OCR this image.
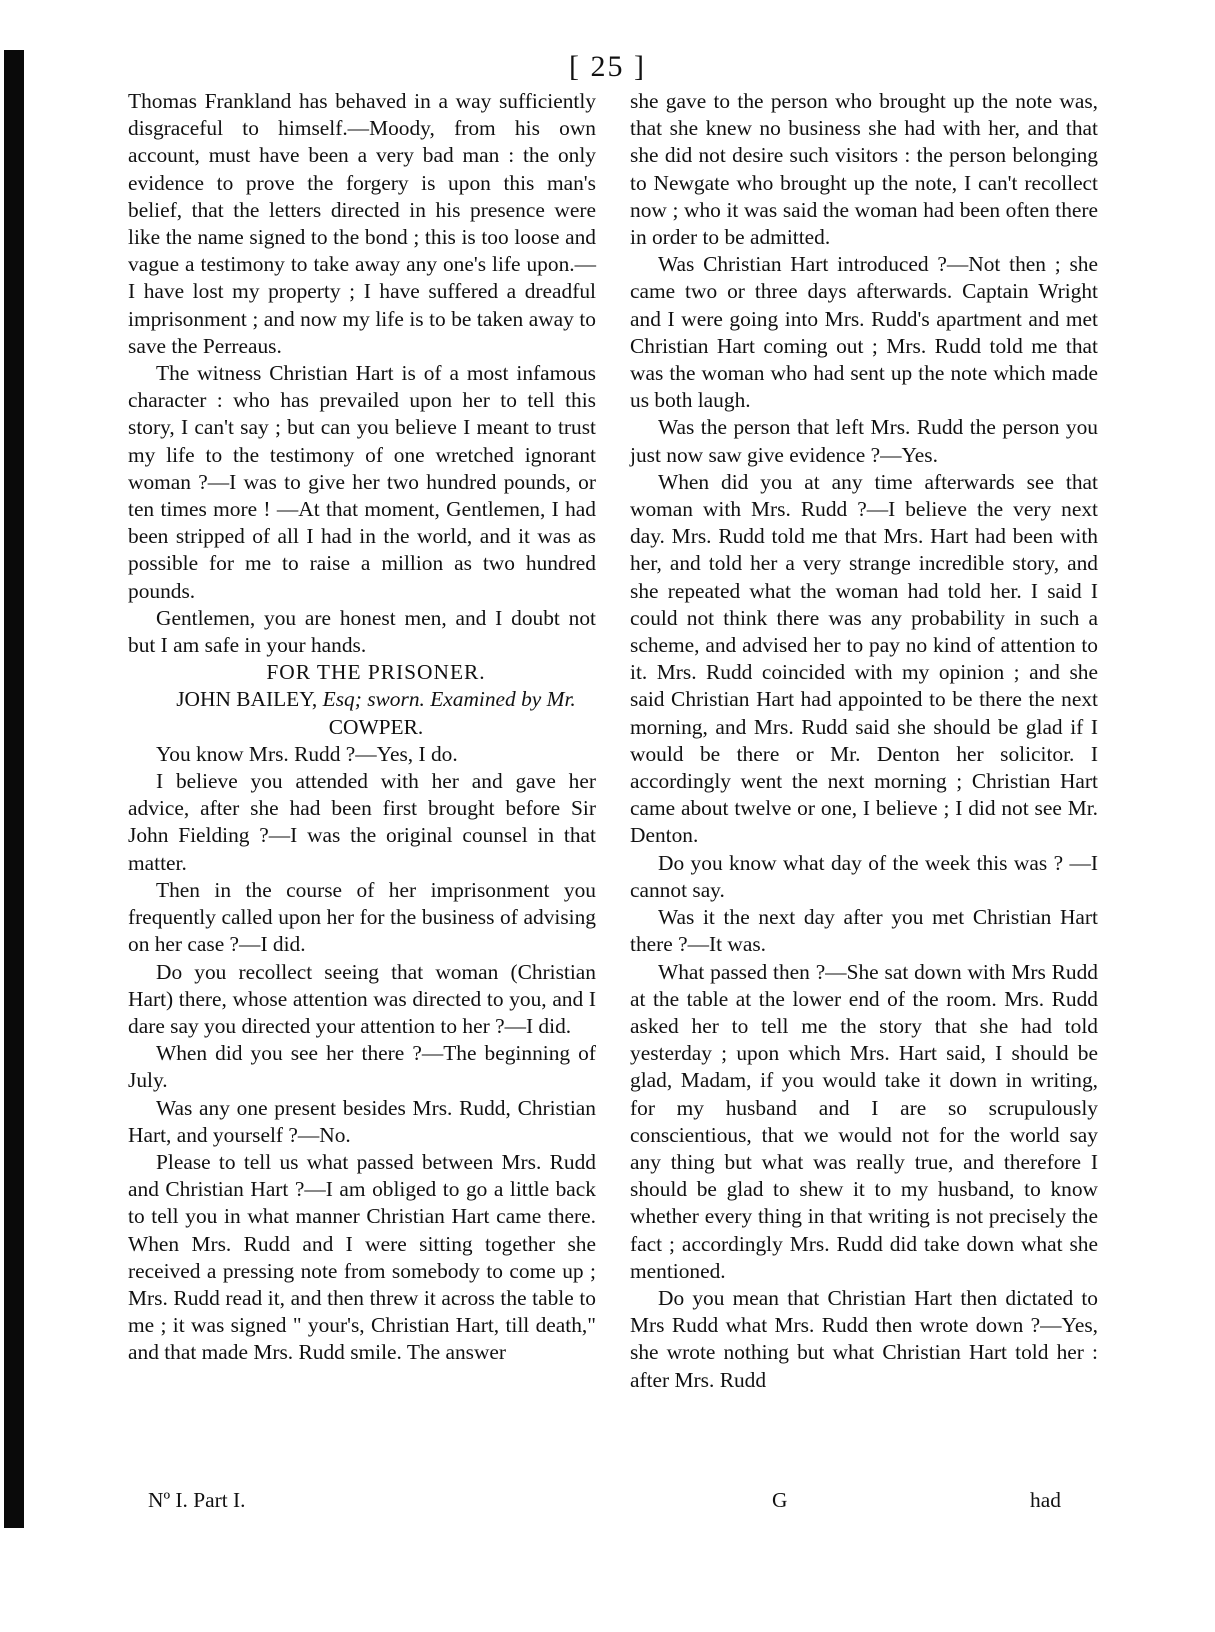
[ 25 ]

Thomas Frankland has behaved in a way sufficiently disgraceful to himself.—Moody, from his own account, must have been a very bad man : the only evidence to prove the forgery is upon this man's belief, that the letters directed in his presence were like the name signed to the bond ; this is too loose and vague a testimony to take away any one's life upon.—I have lost my property ; I have suffered a dreadful imprisonment ; and now my life is to be taken away to save the Perreaus.

The witness Christian Hart is of a most infamous character : who has prevailed upon her to tell this story, I can't say ; but can you believe I meant to trust my life to the testimony of one wretched ignorant woman ?—I was to give her two hundred pounds, or ten times more ! —At that moment, Gentlemen, I had been stripped of all I had in the world, and it was as possible for me to raise a million as two hundred pounds.

Gentlemen, you are honest men, and I doubt not but I am safe in your hands.

FOR THE PRISONER.

JOHN BAILEY, Esq; sworn. Examined by Mr.

COWPER.

You know Mrs. Rudd ?—Yes, I do.

I believe you attended with her and gave her advice, after she had been first brought before Sir John Fielding ?—I was the original counsel in that matter.

Then in the course of her imprisonment you frequently called upon her for the business of advising on her case ?—I did.

Do you recollect seeing that woman (Christian Hart) there, whose attention was directed to you, and I dare say you directed your attention to her ?—I did.

When did you see her there ?—The beginning of July.

Was any one present besides Mrs. Rudd, Christian Hart, and yourself ?—No.

Please to tell us what passed between Mrs. Rudd and Christian Hart ?—I am obliged to go a little back to tell you in what manner Christian Hart came there. When Mrs. Rudd and I were sitting together she received a pressing note from somebody to come up ; Mrs. Rudd read it, and then threw it across the table to me ; it was signed " your's, Christian Hart, till death," and that made Mrs. Rudd smile. The answer

she gave to the person who brought up the note was, that she knew no business she had with her, and that she did not desire such visitors : the person belonging to Newgate who brought up the note, I can't recollect now ; who it was said the woman had been often there in order to be admitted.

Was Christian Hart introduced ?—Not then ; she came two or three days afterwards. Captain Wright and I were going into Mrs. Rudd's apartment and met Christian Hart coming out ; Mrs. Rudd told me that was the woman who had sent up the note which made us both laugh.

Was the person that left Mrs. Rudd the person you just now saw give evidence ?—Yes.

When did you at any time afterwards see that woman with Mrs. Rudd ?—I believe the very next day. Mrs. Rudd told me that Mrs. Hart had been with her, and told her a very strange incredible story, and she repeated what the woman had told her. I said I could not think there was any probability in such a scheme, and advised her to pay no kind of attention to it. Mrs. Rudd coincided with my opinion ; and she said Christian Hart had appointed to be there the next morning, and Mrs. Rudd said she should be glad if I would be there or Mr. Denton her solicitor. I accordingly went the next morning ; Christian Hart came about twelve or one, I believe ; I did not see Mr. Denton.

Do you know what day of the week this was ? —I cannot say.

Was it the next day after you met Christian Hart there ?—It was.

What passed then ?—She sat down with Mrs Rudd at the table at the lower end of the room. Mrs. Rudd asked her to tell me the story that she had told yesterday ; upon which Mrs. Hart said, I should be glad, Madam, if you would take it down in writing, for my husband and I are so scrupulously conscientious, that we would not for the world say any thing but what was really true, and therefore I should be glad to shew it to my husband, to know whether every thing in that writing is not precisely the fact ; accordingly Mrs. Rudd did take down what she mentioned.

Do you mean that Christian Hart then dictated to Mrs Rudd what Mrs. Rudd then wrote down ?—Yes, she wrote nothing but what Christian Hart told her : after Mrs. Rudd

Nº I. Part I.	G	had
